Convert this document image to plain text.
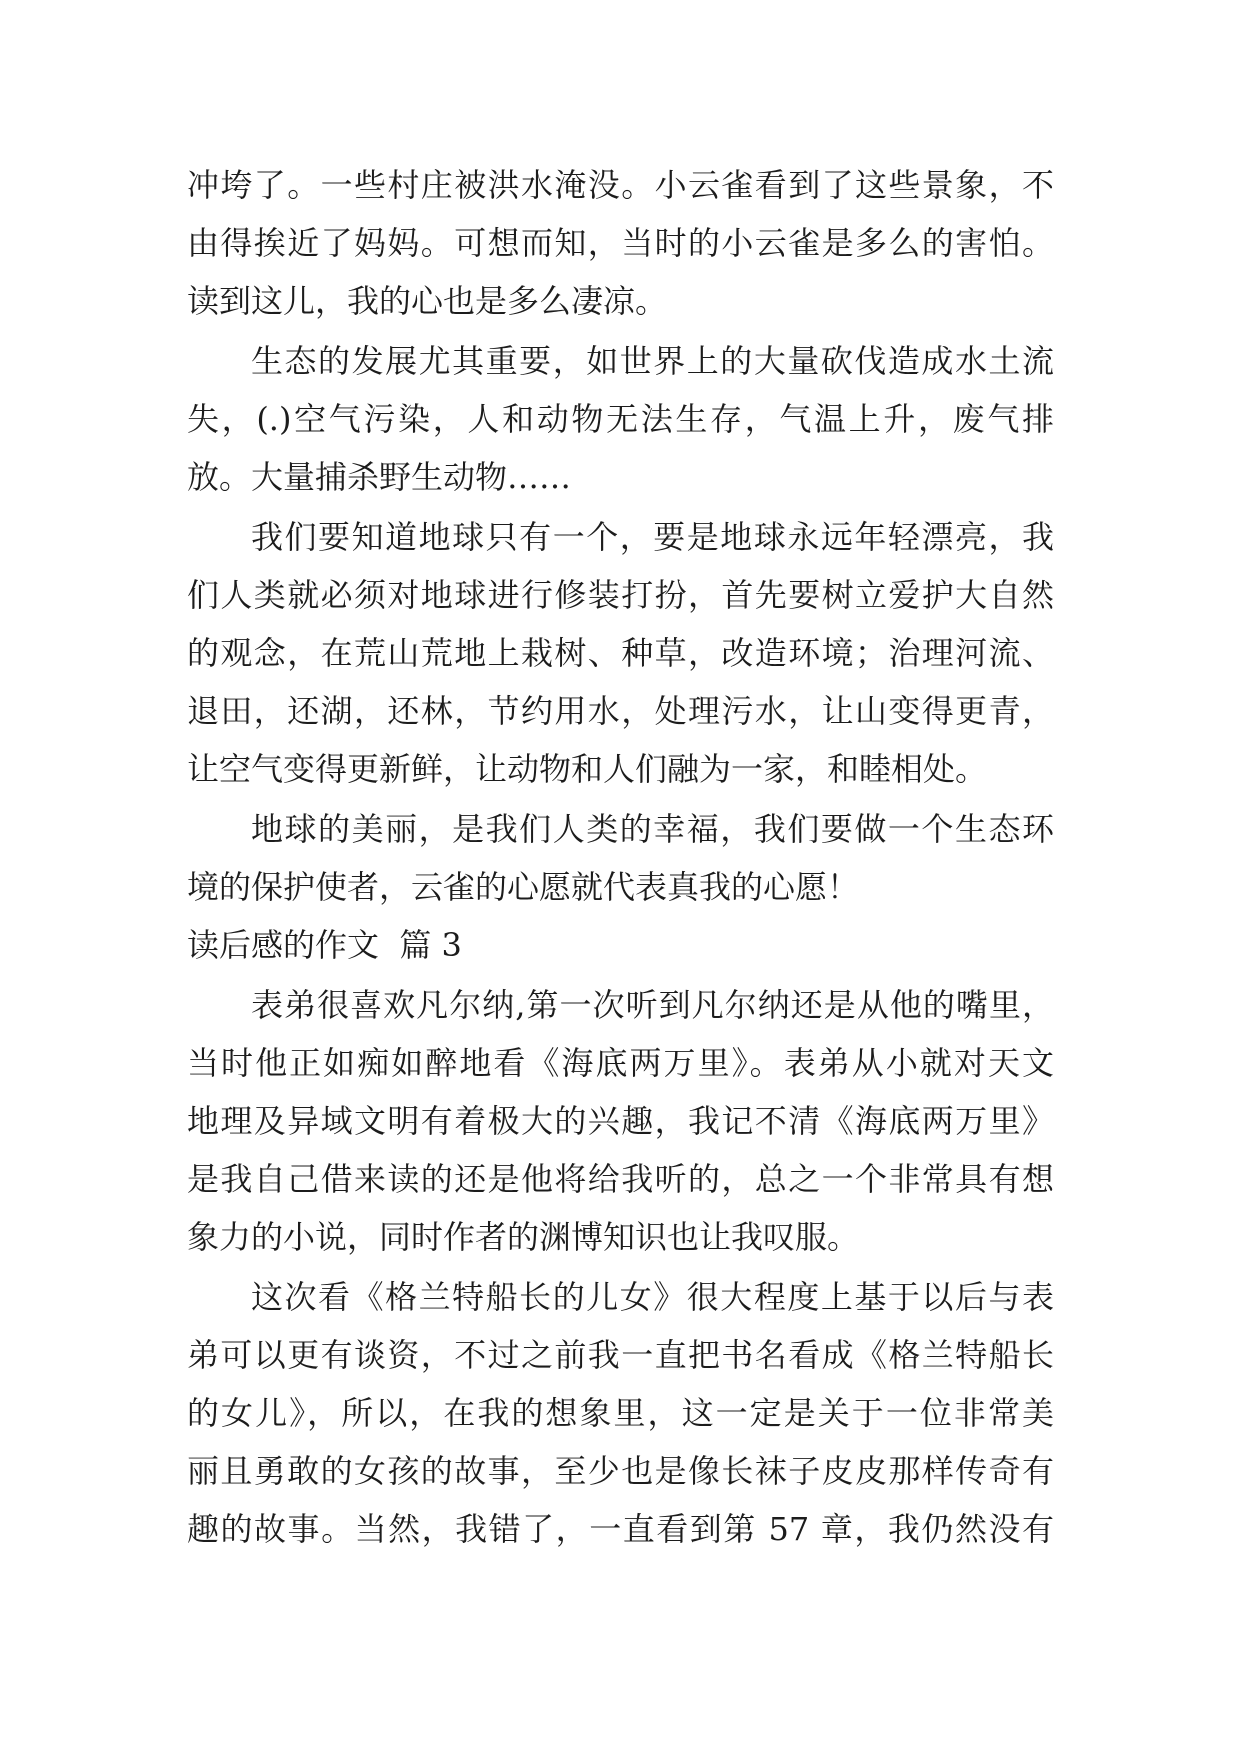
冲垮了。一些村庄被洪水淹没。小云雀看到了这些景象，不
由得挨近了妈妈。可想而知，当时的小云雀是多么的害怕。
读到这儿，我的心也是多么凄凉。
生态的发展尤其重要，如世界上的大量砍伐造成水土流
失，(.)空气污染，人和动物无法生存，气温上升，废气排
放。大量捕杀野生动物……
我们要知道地球只有一个，要是地球永远年轻漂亮，我
们人类就必须对地球进行修装打扮，首先要树立爱护大自然
的观念，在荒山荒地上栽树、种草，改造环境；治理河流、
退田，还湖，还林，节约用水，处理污水，让山变得更青，
让空气变得更新鲜，让动物和人们融为一家，和睦相处。
地球的美丽，是我们人类的幸福，我们要做一个生态环
境的保护使者，云雀的心愿就代表真我的心愿！
读后感的作文  篇 3
表弟很喜欢凡尔纳,第一次听到凡尔纳还是从他的嘴里，
当时他正如痴如醉地看《海底两万里》。表弟从小就对天文
地理及异域文明有着极大的兴趣，我记不清《海底两万里》
是我自己借来读的还是他将给我听的，总之一个非常具有想
象力的小说，同时作者的渊博知识也让我叹服。
这次看《格兰特船长的儿女》很大程度上基于以后与表
弟可以更有谈资，不过之前我一直把书名看成《格兰特船长
的女儿》，所以，在我的想象里，这一定是关于一位非常美
丽且勇敢的女孩的故事，至少也是像长袜子皮皮那样传奇有
趣的故事。当然，我错了，一直看到第 57 章，我仍然没有
